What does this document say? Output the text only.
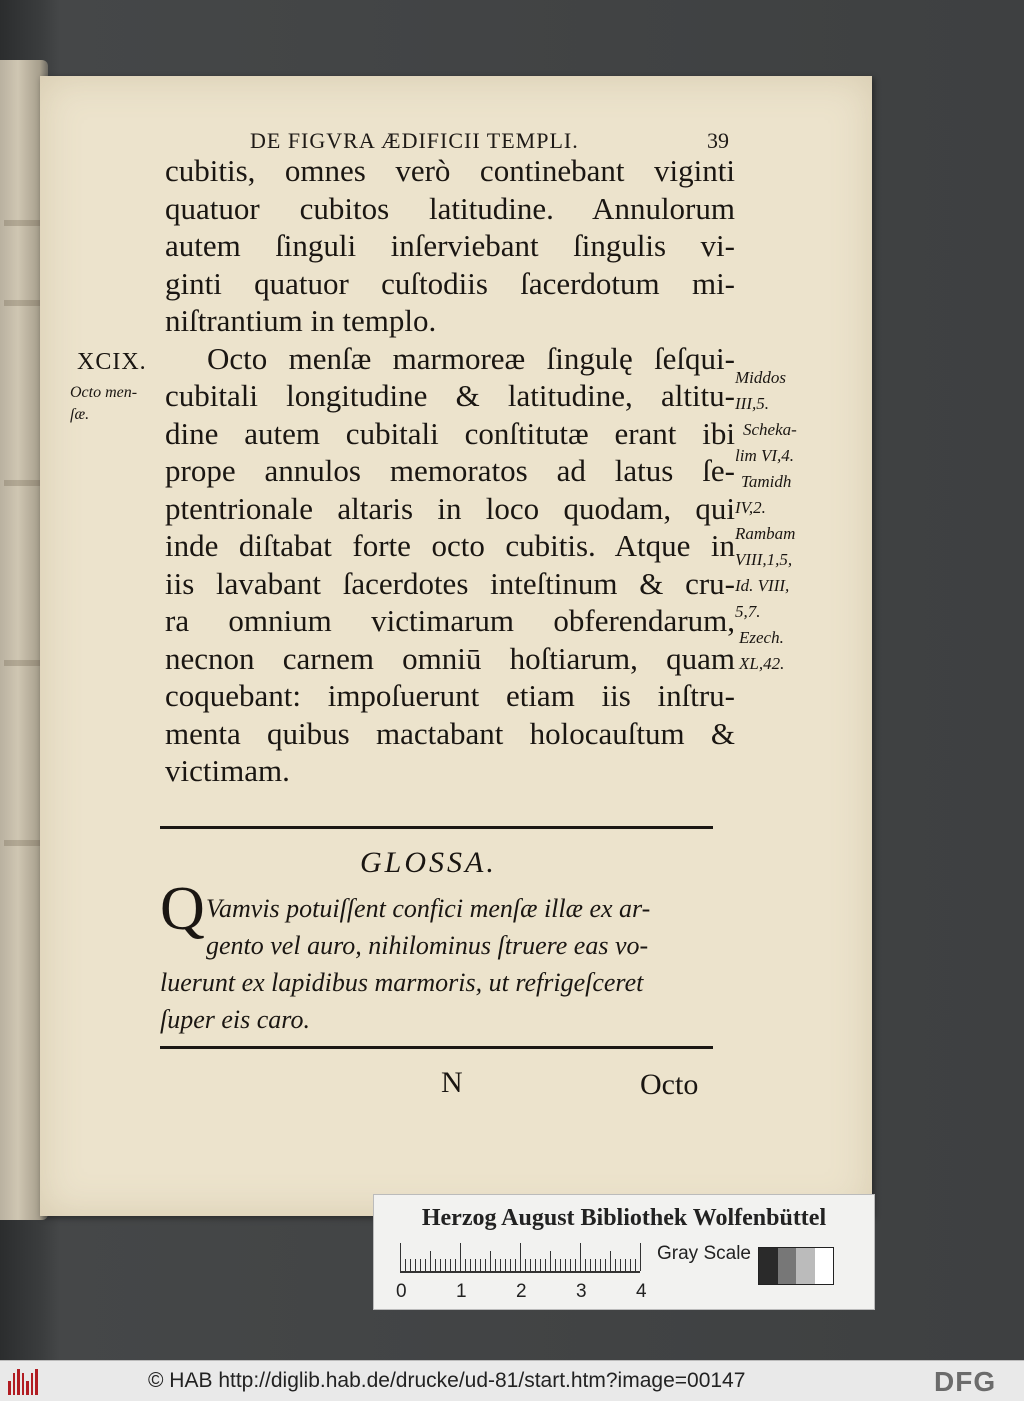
DE FIGVRA ÆDIFICII TEMPLI.	39
cubitis, omnes verò continebant viginti
quatuor cubitos latitudine. Annulorum
autem ſinguli inſerviebant ſingulis vi-
ginti quatuor cuſtodiis ſacerdotum mi-
niſtrantium in templo.
Octo menſæ marmoreæ ſingulę ſeſqui-
cubitali longitudine & latitudine, altitu-
dine autem cubitali conſtitutæ erant ibi
prope annulos memoratos ad latus ſe-
ptentrionale altaris in loco quodam, qui
inde diſtabat forte octo cubitis. Atque in
iis lavabant ſacerdotes inteſtinum & cru-
ra omnium victimarum obferendarum,
necnon carnem omniū hoſtiarum, quam
coquebant: impoſuerunt etiam iis inſtru-
menta quibus mactabant holocauſtum &
victimam.
XCIX.
Octo men-
ſæ.
Middos
III,5.
Scheka-
lim VI,4.
Tamidh
IV,2.
Rambam
VIII,1,5,
Id. VIII,
5,7.
Ezech.
XL,42.
GLOSSA.
Q Vamvis potuiſſent confici menſæ illæ ex ar-
gento vel auro, nihilominus ſtruere eas vo-
luerunt ex lapidibus marmoris, ut refrigeſceret
ſuper eis caro.
N	Octo
Herzog August Bibliothek Wolfenbüttel
0	1	2	3	4
Gray Scale
© HAB http://diglib.hab.de/drucke/ud-81/start.htm?image=00147	DFG
